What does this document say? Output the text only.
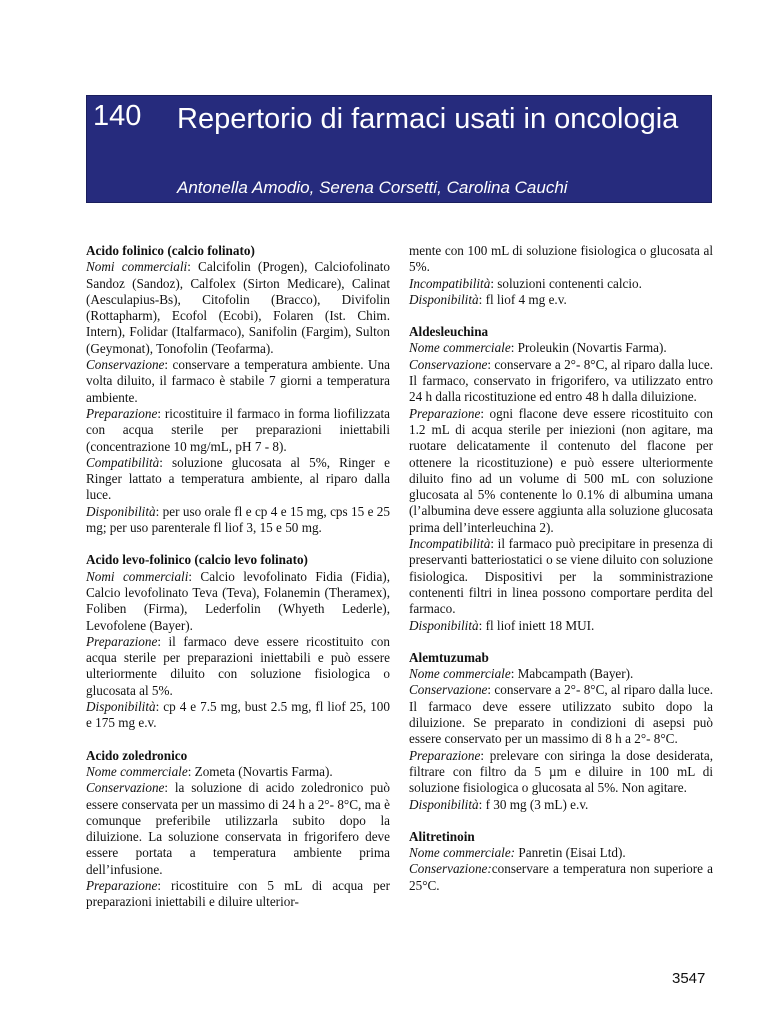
140 Repertorio di farmaci usati in oncologia
Antonella Amodio, Serena Corsetti, Carolina Cauchi

Acido folinico (calcio folinato)

Nomi commerciali: Calcifolin (Progen), Calciofolinato Sandoz (Sandoz), Calfolex (Sirton Medicare), Calinat (Aesculapius-Bs), Citofolin (Bracco), Divifolin (Rottapharm), Ecofol (Ecobi), Folaren (Ist. Chim. Intern), Folidar (Italfarmaco), Sanifolin (Fargim), Sulton (Geymonat), Tonofolin (Teofarma).

Conservazione: conservare a temperatura ambiente. Una volta diluito, il farmaco è stabile 7 giorni a temperatura ambiente.

Preparazione: ricostituire il farmaco in forma liofilizzata con acqua sterile per preparazioni iniettabili (concentrazione 10 mg/mL, pH 7 - 8).

Compatibilità: soluzione glucosata al 5%, Ringer e Ringer lattato a temperatura ambiente, al riparo dalla luce.

Disponibilità: per uso orale fl e cp 4 e 15 mg, cps 15 e 25 mg; per uso parenterale fl liof 3, 15 e 50 mg.

Acido levo-folinico (calcio levo folinato)

Nomi commerciali: Calcio levofolinato Fidia (Fidia), Calcio levofolinato Teva (Teva), Folanemin (Theramex), Foliben (Firma), Lederfolin (Whyeth Lederle), Levofolene (Bayer).

Preparazione: il farmaco deve essere ricostituito con acqua sterile per preparazioni iniettabili e può essere ulteriormente diluito con soluzione fisiologica o glucosata al 5%.

Disponibilità: cp 4 e 7.5 mg, bust 2.5 mg, fl liof 25, 100 e 175 mg e.v.

Acido zoledronico

Nome commerciale: Zometa (Novartis Farma).

Conservazione: la soluzione di acido zoledronico può essere conservata per un massimo di 24 h a 2°- 8°C, ma è comunque preferibile utilizzarla subito dopo la diluizione. La soluzione conservata in frigorifero deve essere portata a temperatura ambiente prima dell’infusione.

Preparazione: ricostituire con 5 mL di acqua per preparazioni iniettabili e diluire ulterior-

mente con 100 mL di soluzione fisiologica o glucosata al 5%.

Incompatibilità: soluzioni contenenti calcio.

Disponibilità: fl liof 4 mg e.v.

Aldesleuchina

Nome commerciale: Proleukin (Novartis Farma).

Conservazione: conservare a 2°- 8°C, al riparo dalla luce. Il farmaco, conservato in frigorifero, va utilizzato entro 24 h dalla ricostituzione ed entro 48 h dalla diluizione.

Preparazione: ogni flacone deve essere ricostituito con 1.2 mL di acqua sterile per iniezioni (non agitare, ma ruotare delicatamente il contenuto del flacone per ottenere la ricostituzione) e può essere ulteriormente diluito fino ad un volume di 500 mL con soluzione glucosata al 5% contenente lo 0.1% di albumina umana (l’albumina deve essere aggiunta alla soluzione glucosata prima dell’interleuchina 2).

Incompatibilità: il farmaco può precipitare in presenza di preservanti batteriostatici o se viene diluito con soluzione fisiologica. Dispositivi per la somministrazione contenenti filtri in linea possono comportare perdita del farmaco.

Disponibilità: fl liof iniett 18 MUI.

Alemtuzumab

Nome commerciale: Mabcampath (Bayer).

Conservazione: conservare a 2°- 8°C, al riparo dalla luce. Il farmaco deve essere utilizzato subito dopo la diluizione. Se preparato in condizioni di asepsi può essere conservato per un massimo di 8 h a 2°- 8°C.

Preparazione: prelevare con siringa la dose desiderata, filtrare con filtro da 5 µm e diluire in 100 mL di soluzione fisiologica o glucosata al 5%. Non agitare.

Disponibilità: f 30 mg (3 mL) e.v.

Alitretinoin

Nome commerciale: Panretin (Eisai Ltd).

Conservazione:conservare a temperatura non superiore a 25°C.

3547
